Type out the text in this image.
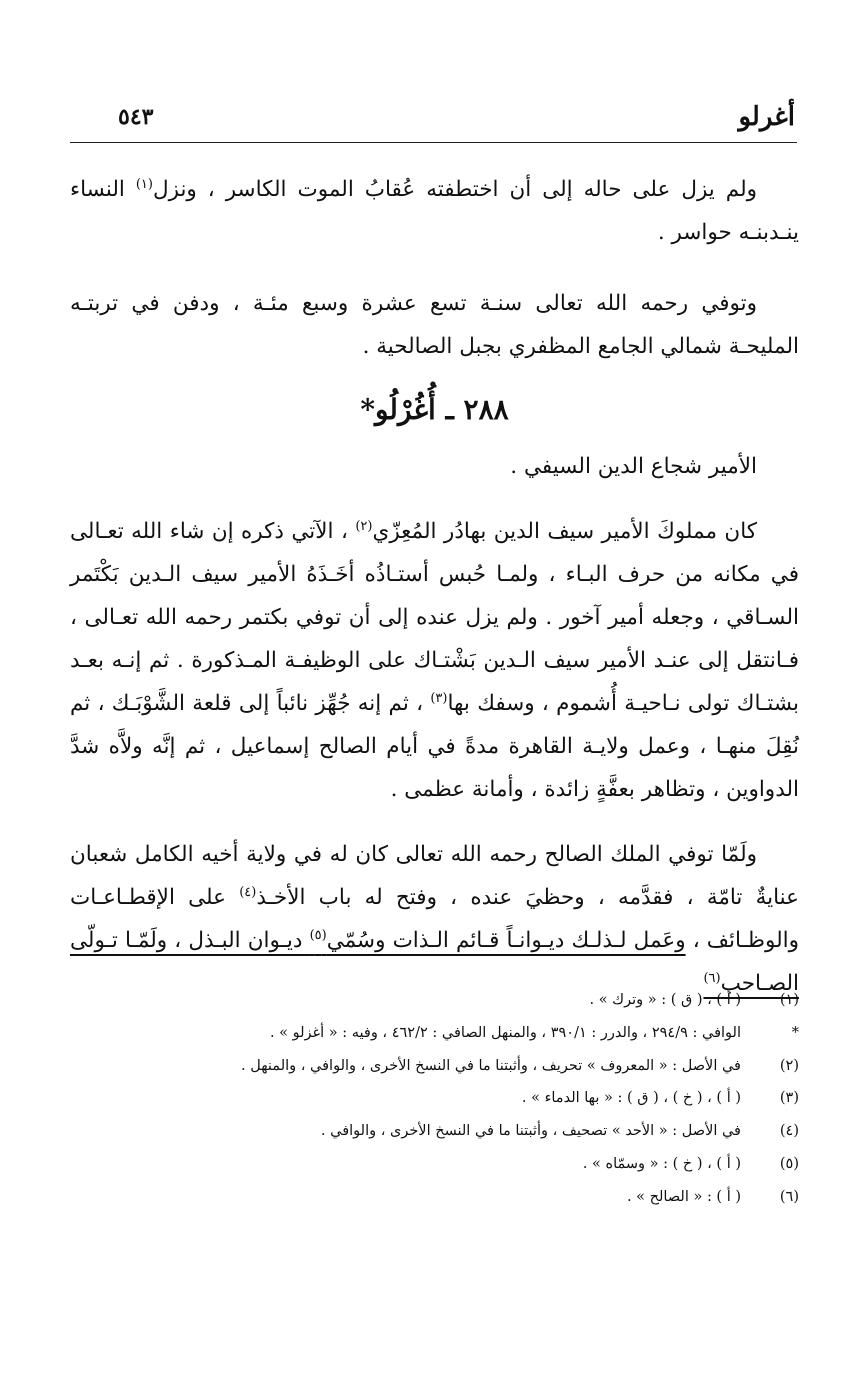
أغرلو
٥٤٣

ولم يزل على حاله إلى أن اختطفته عُقابُ الموت الكاسر ، ونزل$^{(١)}$ النساء ينـدبنـه حواسر .

وتوفي رحمه الله تعالى سنـة تسع عشرة وسبع مئـة ، ودفن في تربتـه المليحـة شمالي الجامع المظفري بجبل الصالحية .

٢٨٨ ـ أُغُرْلُو*

الأمير شجاع الدين السيفي .

كان مملوكَ الأمير سيف الدين بهادُر المُعِزّي$^{(٢)}$ ، الآتي ذكره إن شاء الله تعـالى في مكانه من حرف البـاء ، ولمـا حُبس أستـاذُه أخَـذَهُ الأمير سيف الـدين بَكْتَمر السـاقي ، وجعله أمير آخور . ولم يزل عنده إلى أن توفي بكتمر رحمه الله تعـالى ، فـانتقل إلى عنـد الأمير سيف الـدين بَشْتـاك على الوظيفـة المـذكورة . ثم إنـه بعـد بشتـاك تولى نـاحيـة أُشموم ، وسفك بها$^{(٣)}$ ، ثم إنه جُهِّز نائباً إلى قلعة الشَّوْبَـك ، ثم نُقِلَ منهـا ، وعمل ولايـة القاهرة مدةً في أيام الصالح إسماعيل ، ثم إنَّه ولاَّه شدَّ الدواوين ، وتظاهر بعفَّةٍ زائدة ، وأمانة عظمى .

ولَمّا توفي الملك الصالح رحمه الله تعالى كان له في ولاية أخيه الكامل شعبان عنايةٌ تامّة ، فقدَّمه ، وحظيَ عنده ، وفتح له باب الأخـذ$^{(٤)}$ على الإقطـاعـات والوظـائف ، وعَمل لـذلـك ديـوانـاً قـائم الـذات وسُمّي$^{(٥)}$ ديـوان البـذل ، ولَمّـا تـولّى الصـاحب$^{(٦)}$

(١)
( أ ) ، ( ق ) : « وترك » .
*
الوافي : ٢٩٤/٩ ، والدرر : ٣٩٠/١ ، والمنهل الصافي : ٤٦٢/٢ ، وفيه : « أغزلو » .
(٢)
في الأصل : « المعروف » تحريف ، وأثبتنا ما في النسخ الأخرى ، والوافي ، والمنهل .
(٣)
( أ ) ، ( خ ) ، ( ق ) : « بها الدماء » .
(٤)
في الأصل : « الأحد » تصحيف ، وأثبتنا ما في النسخ الأخرى ، والوافي .
(٥)
( أ ) ، ( خ ) : « وسمّاه » .
(٦)
( أ ) : « الصالح » .
